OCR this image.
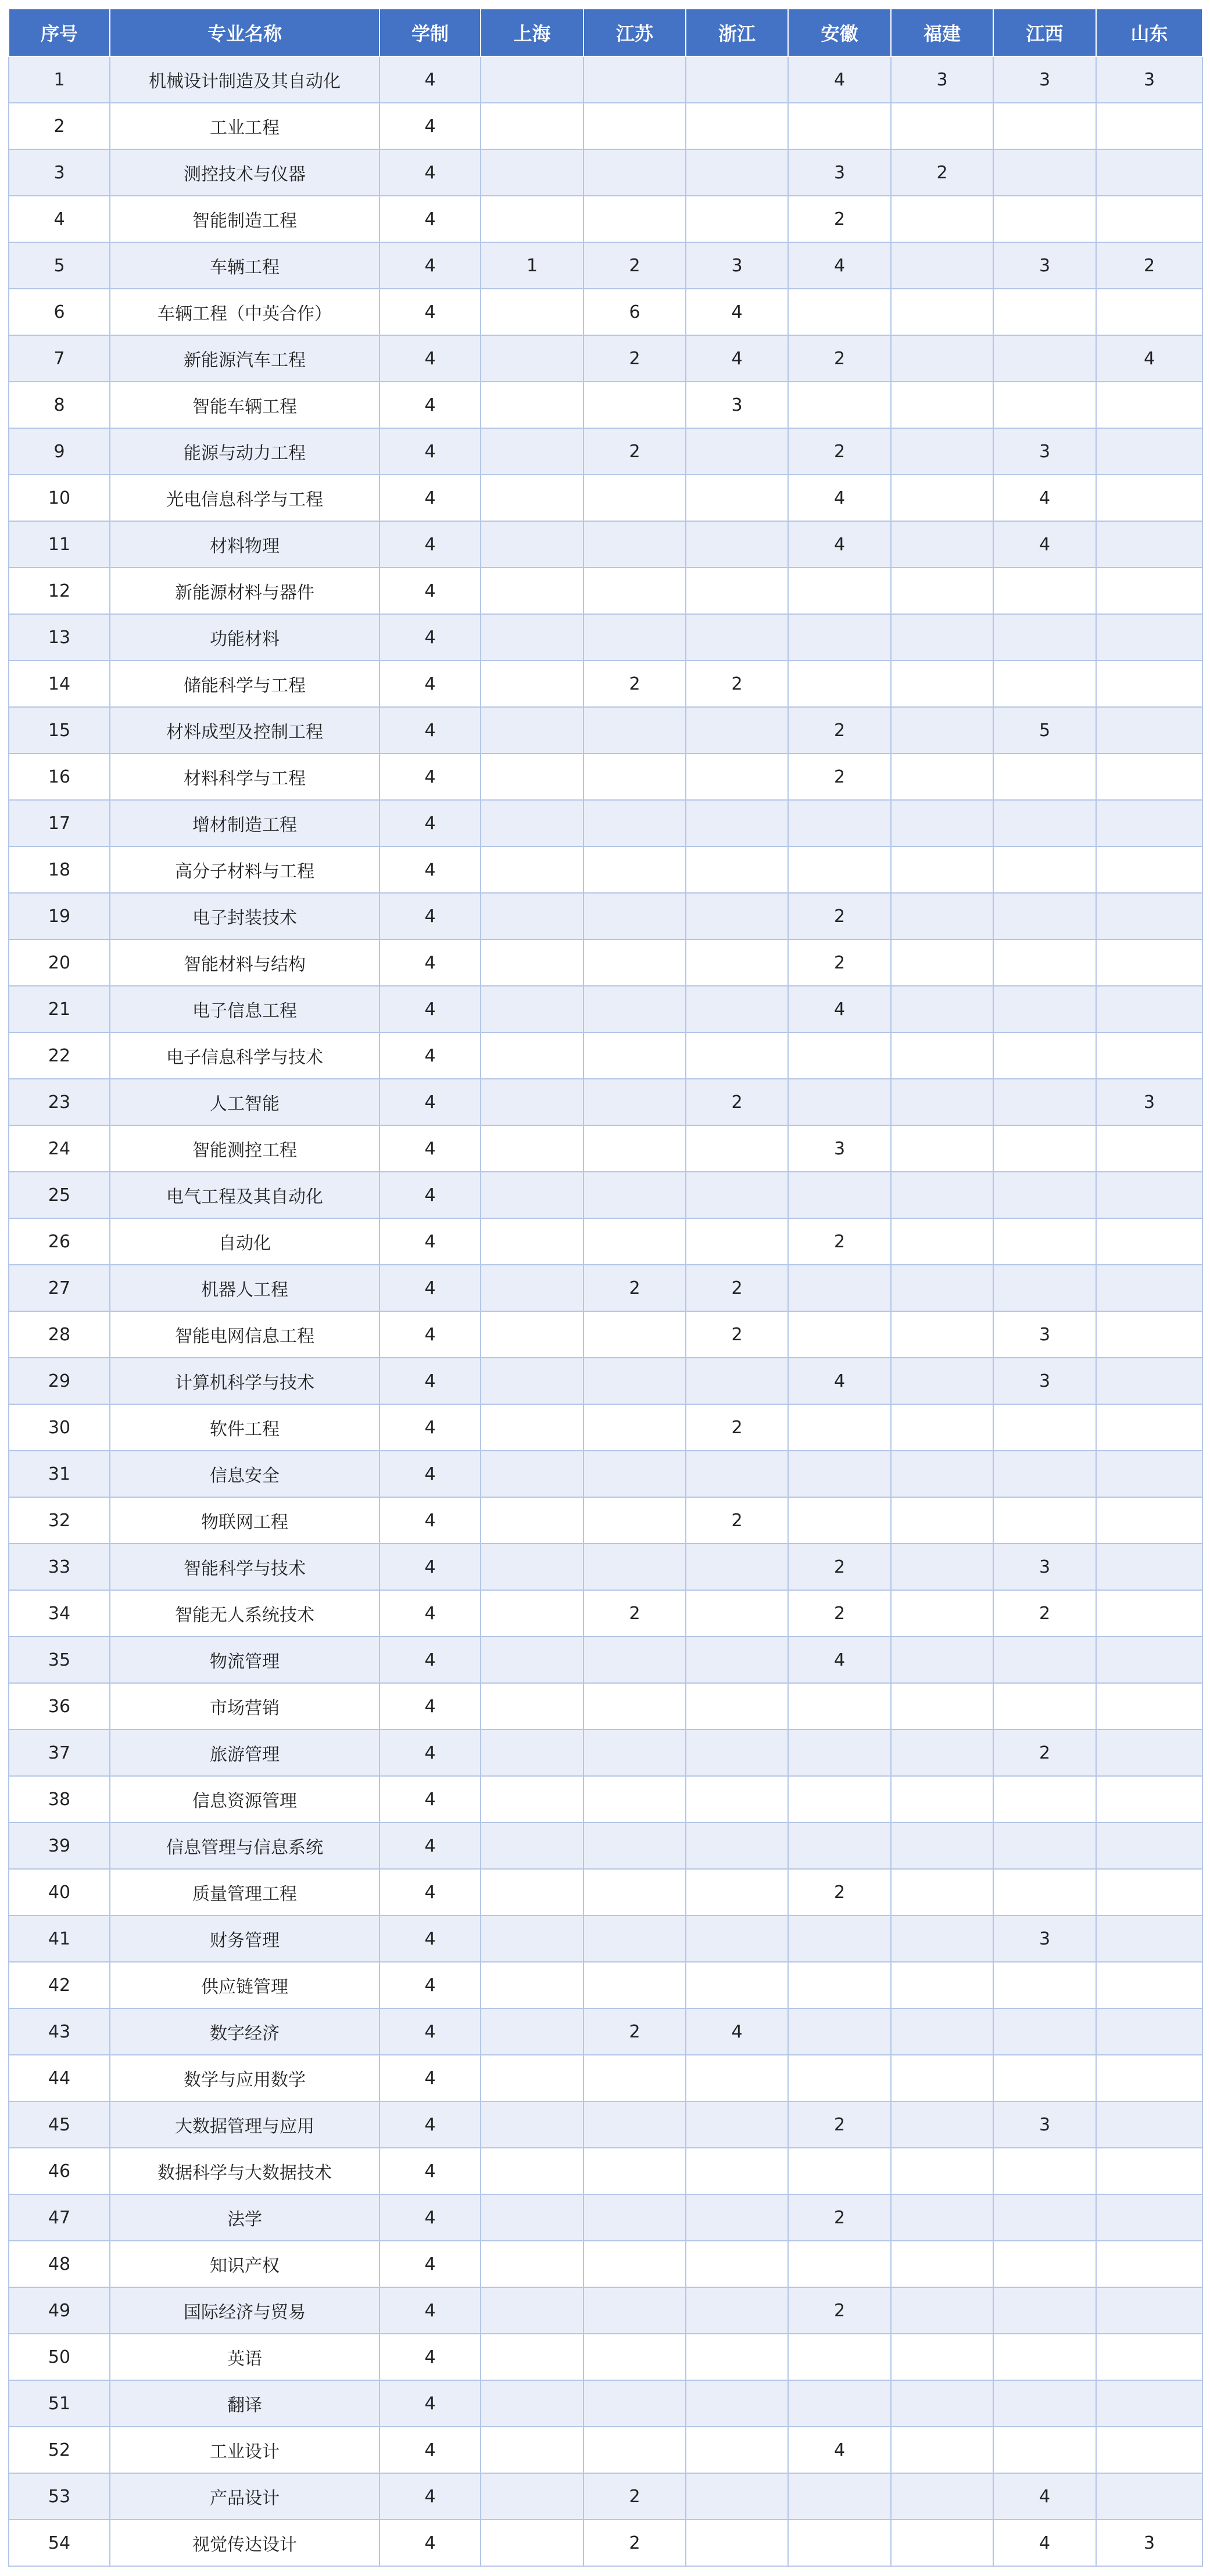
序号	专业名称	学制	上海	江苏	浙江	安徽	福建	江西	山东
1	机械设计制造及其自动化	4				4	3	3	3
2	工业工程	4							
3	测控技术与仪器	4				3	2		
4	智能制造工程	4				2			
5	车辆工程	4	1	2	3	4		3	2
6	车辆工程（中英合作）	4		6	4				
7	新能源汽车工程	4		2	4	2			4
8	智能车辆工程	4			3				
9	能源与动力工程	4		2		2		3	
10	光电信息科学与工程	4				4		4	
11	材料物理	4				4		4	
12	新能源材料与器件	4							
13	功能材料	4							
14	储能科学与工程	4		2	2				
15	材料成型及控制工程	4				2		5	
16	材料科学与工程	4				2			
17	增材制造工程	4							
18	高分子材料与工程	4							
19	电子封装技术	4				2			
20	智能材料与结构	4				2			
21	电子信息工程	4				4			
22	电子信息科学与技术	4							
23	人工智能	4			2				3
24	智能测控工程	4				3			
25	电气工程及其自动化	4							
26	自动化	4				2			
27	机器人工程	4		2	2				
28	智能电网信息工程	4			2			3	
29	计算机科学与技术	4				4		3	
30	软件工程	4			2				
31	信息安全	4							
32	物联网工程	4			2				
33	智能科学与技术	4				2		3	
34	智能无人系统技术	4		2		2		2	
35	物流管理	4				4			
36	市场营销	4							
37	旅游管理	4						2	
38	信息资源管理	4							
39	信息管理与信息系统	4							
40	质量管理工程	4				2			
41	财务管理	4						3	
42	供应链管理	4							
43	数字经济	4		2	4				
44	数学与应用数学	4							
45	大数据管理与应用	4				2		3	
46	数据科学与大数据技术	4							
47	法学	4				2			
48	知识产权	4							
49	国际经济与贸易	4				2			
50	英语	4							
51	翻译	4							
52	工业设计	4				4			
53	产品设计	4		2				4	
54	视觉传达设计	4		2				4	3
